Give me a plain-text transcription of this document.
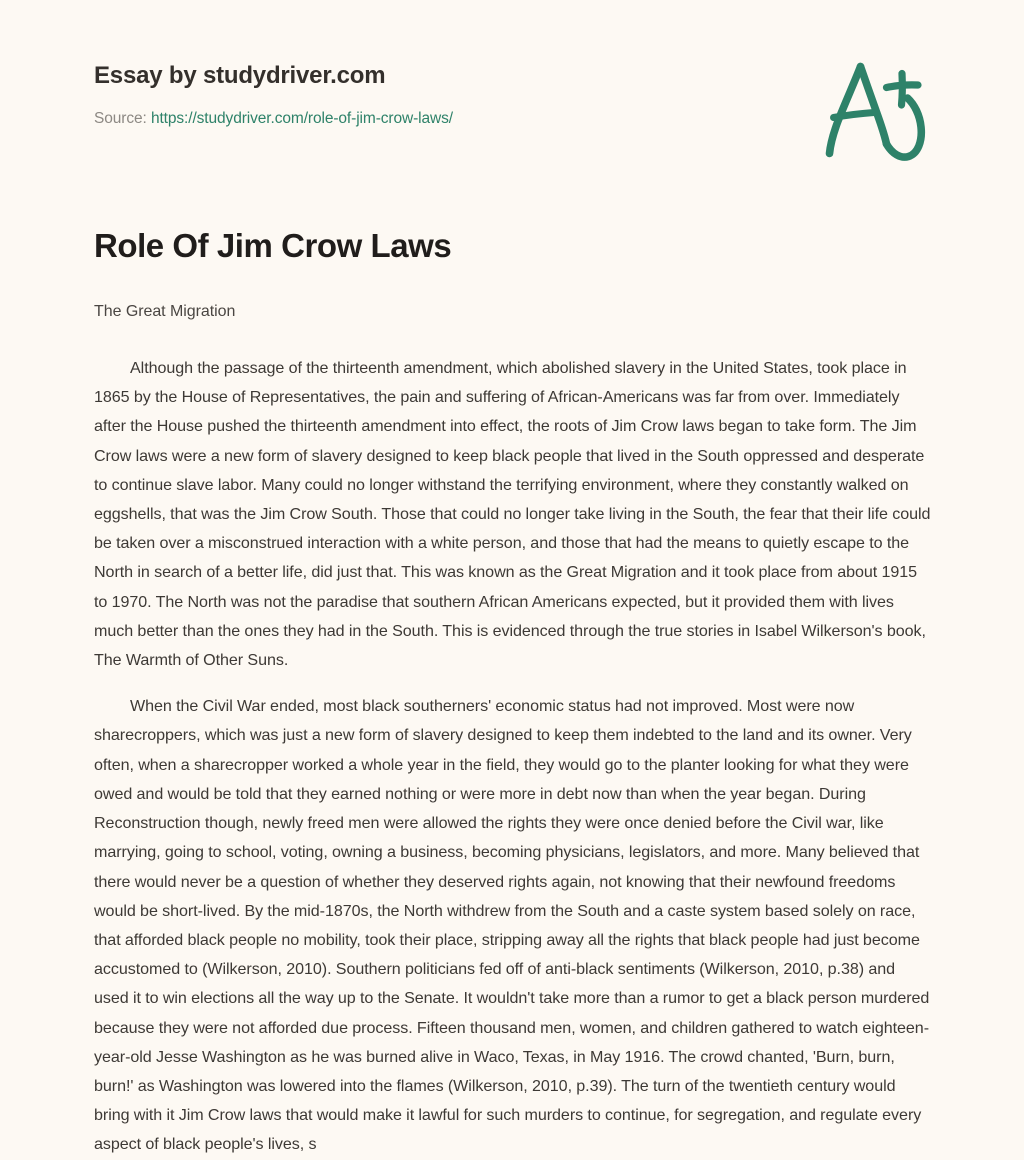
Essay by studydriver.com
Source: https://studydriver.com/role-of-jim-crow-laws/
Role Of Jim Crow Laws
The Great Migration

Although the passage of the thirteenth amendment, which abolished slavery in the United States, took place in 1865 by the House of Representatives, the pain and suffering of African-Americans was far from over. Immediately after the House pushed the thirteenth amendment into effect, the roots of Jim Crow laws began to take form. The Jim Crow laws were a new form of slavery designed to keep black people that lived in the South oppressed and desperate to continue slave labor. Many could no longer withstand the terrifying environment, where they constantly walked on eggshells, that was the Jim Crow South. Those that could no longer take living in the South, the fear that their life could be taken over a misconstrued interaction with a white person, and those that had the means to quietly escape to the North in search of a better life, did just that. This was known as the Great Migration and it took place from about 1915 to 1970. The North was not the paradise that southern African Americans expected, but it provided them with lives much better than the ones they had in the South. This is evidenced through the true stories in Isabel Wilkerson's book, The Warmth of Other Suns.

When the Civil War ended, most black southerners' economic status had not improved. Most were now sharecroppers, which was just a new form of slavery designed to keep them indebted to the land and its owner. Very often, when a sharecropper worked a whole year in the field, they would go to the planter looking for what they were owed and would be told that they earned nothing or were more in debt now than when the year began. During Reconstruction though, newly freed men were allowed the rights they were once denied before the Civil war, like marrying, going to school, voting, owning a business, becoming physicians, legislators, and more. Many believed that there would never be a question of whether they deserved rights again, not knowing that their newfound freedoms would be short-lived. By the mid-1870s, the North withdrew from the South and a caste system based solely on race, that afforded black people no mobility, took their place, stripping away all the rights that black people had just become accustomed to (Wilkerson, 2010). Southern politicians fed off of anti-black sentiments (Wilkerson, 2010, p.38) and used it to win elections all the way up to the Senate. It wouldn't take more than a rumor to get a black person murdered because they were not afforded due process. Fifteen thousand men, women, and children gathered to watch eighteen-year-old Jesse Washington as he was burned alive in Waco, Texas, in May 1916. The crowd chanted, 'Burn, burn, burn!' as Washington was lowered into the flames (Wilkerson, 2010, p.39). The turn of the twentieth century would bring with it Jim Crow laws that would make it lawful for such murders to continue, for segregation, and regulate every aspect of black people's lives, s
